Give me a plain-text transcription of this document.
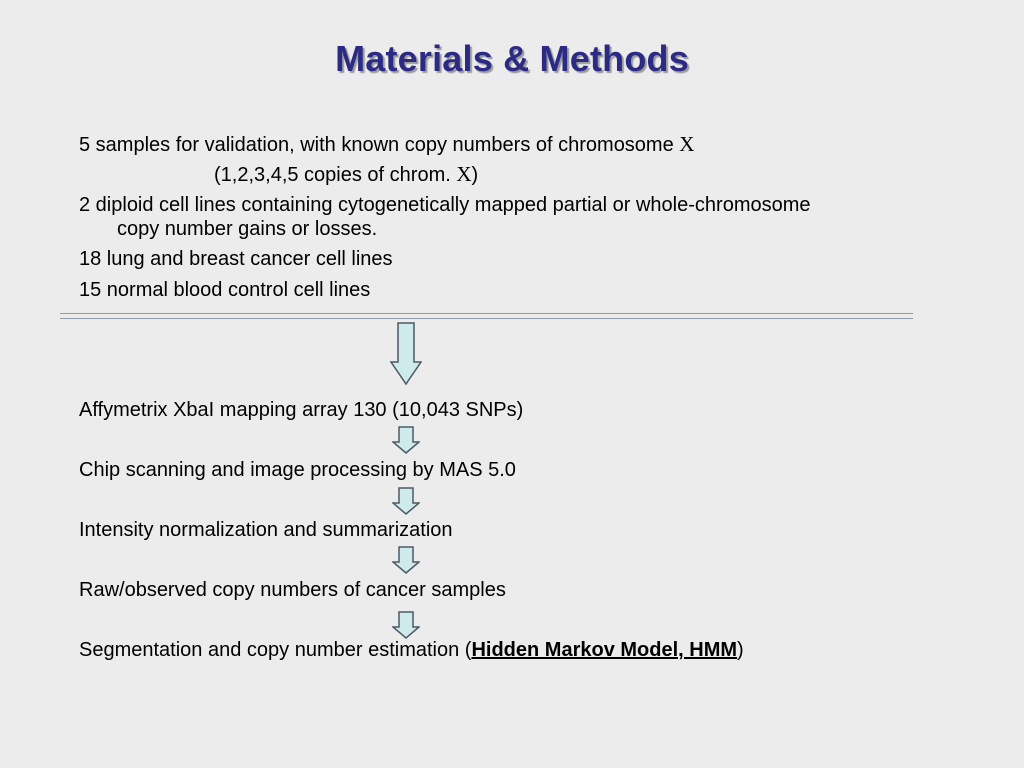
Materials & Methods
5 samples for validation, with known copy numbers of chromosome X
(1,2,3,4,5 copies of chrom. X)
2 diploid cell lines containing cytogenetically mapped partial or whole-chromosome
copy number gains or losses.
18 lung and breast cancer cell lines
15 normal blood control cell lines
Affymetrix XbaI mapping array 130 (10,043 SNPs)
Chip scanning and image processing by MAS 5.0
Intensity normalization and summarization
Raw/observed copy numbers of cancer samples
Segmentation and copy number estimation (Hidden Markov Model, HMM)
